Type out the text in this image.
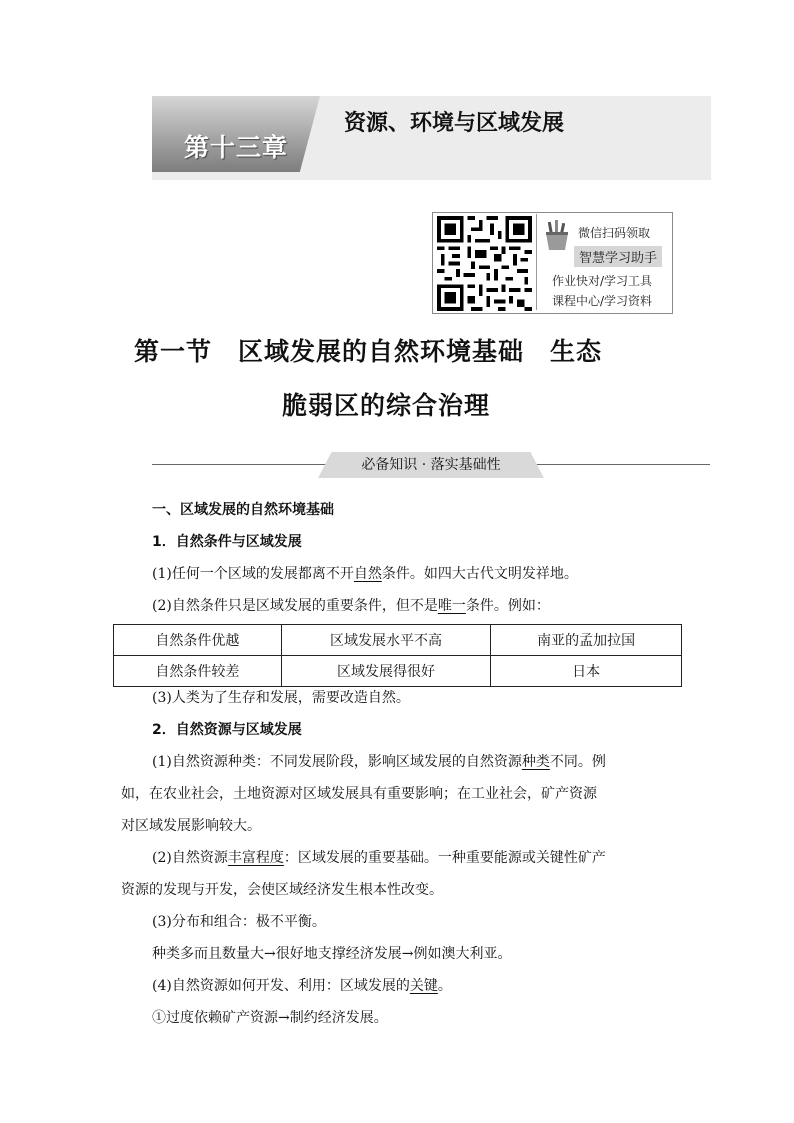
第十三章
资源、环境与区域发展
微信扫码领取
智慧学习助手
作业快对/学习工具
课程中心/学习资料
第一节　区域发展的自然环境基础　生态
脆弱区的综合治理
必备知识 · 落实基础性
一、区域发展的自然环境基础
1．自然条件与区域发展
(1)任何一个区域的发展都离不开自然条件。如四大古代文明发祥地。
(2)自然条件只是区域发展的重要条件，但不是唯一条件。例如：
自然条件优越	区域发展水平不高	南亚的孟加拉国
自然条件较差	区域发展得很好	日本
(3)人类为了生存和发展，需要改造自然。
2．自然资源与区域发展
(1)自然资源种类：不同发展阶段，影响区域发展的自然资源种类不同。例
如，在农业社会，土地资源对区域发展具有重要影响；在工业社会，矿产资源
对区域发展影响较大。
(2)自然资源丰富程度：区域发展的重要基础。一种重要能源或关键性矿产
资源的发现与开发，会使区域经济发生根本性改变。
(3)分布和组合：极不平衡。
种类多而且数量大→很好地支撑经济发展→例如澳大利亚。
(4)自然资源如何开发、利用：区域发展的关键。
①过度依赖矿产资源→制约经济发展。
